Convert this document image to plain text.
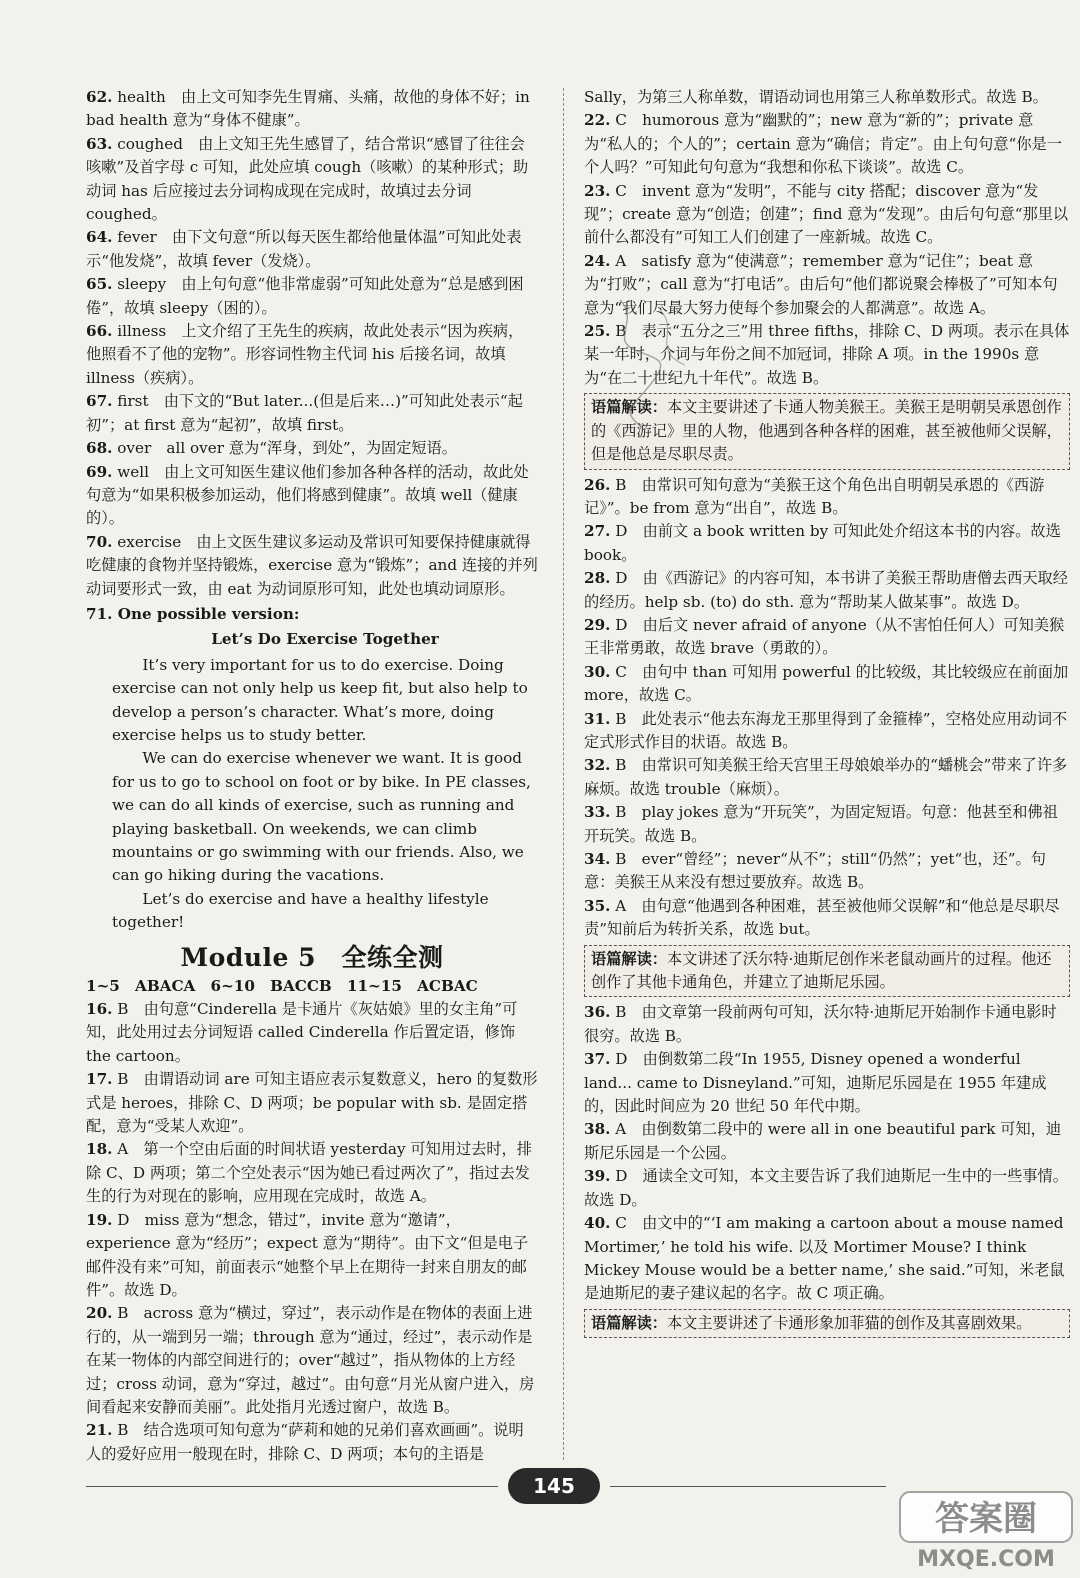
62. health　由上文可知李先生胃痛、头痛，故他的身体不好；in bad health 意为“身体不健康”。

63. coughed　由上文知王先生感冒了，结合常识“感冒了往往会咳嗽”及首字母 c 可知，此处应填 cough（咳嗽）的某种形式；助动词 has 后应接过去分词构成现在完成时，故填过去分词 coughed。

64. fever　由下文句意“所以每天医生都给他量体温”可知此处表示“他发烧”，故填 fever（发烧）。

65. sleepy　由上句句意“他非常虚弱”可知此处意为“总是感到困倦”，故填 sleepy（困的）。

66. illness　上文介绍了王先生的疾病，故此处表示“因为疾病，他照看不了他的宠物”。形容词性物主代词 his 后接名词，故填 illness（疾病）。

67. first　由下文的“But later...(但是后来…)”可知此处表示“起初”；at first 意为“起初”，故填 first。

68. over　all over 意为“浑身，到处”，为固定短语。

69. well　由上文可知医生建议他们参加各种各样的活动，故此处句意为“如果积极参加运动，他们将感到健康”。故填 well（健康的）。

70. exercise　由上文医生建议多运动及常识可知要保持健康就得吃健康的食物并坚持锻炼，exercise 意为“锻炼”；and 连接的并列动词要形式一致，由 eat 为动词原形可知，此处也填动词原形。

71. One possible version:

Let’s Do Exercise Together

It’s very important for us to do exercise. Doing exercise can not only help us keep fit, but also help to develop a person’s character. What’s more, doing exercise helps us to study better.

We can do exercise whenever we want. It is good for us to go to school on foot or by bike. In PE classes, we can do all kinds of exercise, such as running and playing basketball. On weekends, we can climb mountains or go swimming with our friends. Also, we can go hiking during the vacations.

Let’s do exercise and have a healthy lifestyle together!

Module 5　全练全测

1~5　ABACA　6~10　BACCB　11~15　ACBAC

16. B　由句意“Cinderella 是卡通片《灰姑娘》里的女主角”可知，此处用过去分词短语 called Cinderella 作后置定语，修饰 the cartoon。

17. B　由谓语动词 are 可知主语应表示复数意义，hero 的复数形式是 heroes，排除 C、D 两项；be popular with sb. 是固定搭配，意为“受某人欢迎”。

18. A　第一个空由后面的时间状语 yesterday 可知用过去时，排除 C、D 两项；第二个空处表示“因为她已看过两次了”，指过去发生的行为对现在的影响，应用现在完成时，故选 A。

19. D　miss 意为“想念，错过”，invite 意为“邀请”，experience 意为“经历”；expect 意为“期待”。由下文“但是电子邮件没有来”可知，前面表示“她整个早上在期待一封来自朋友的邮件”。故选 D。

20. B　across 意为“横过，穿过”，表示动作是在物体的表面上进行的，从一端到另一端；through 意为“通过，经过”，表示动作是在某一物体的内部空间进行的；over“越过”，指从物体的上方经过；cross 动词，意为“穿过，越过”。由句意“月光从窗户进入，房间看起来安静而美丽”。此处指月光透过窗户，故选 B。

21. B　结合选项可知句意为“萨莉和她的兄弟们喜欢画画”。说明人的爱好应用一般现在时，排除 C、D 两项；本句的主语是

Sally，为第三人称单数，谓语动词也用第三人称单数形式。故选 B。

22. C　humorous 意为“幽默的”；new 意为“新的”；private 意为“私人的；个人的”；certain 意为“确信；肯定”。由上句句意“你是一个人吗？”可知此句句意为“我想和你私下谈谈”。故选 C。

23. C　invent 意为“发明”，不能与 city 搭配；discover 意为“发现”；create 意为“创造；创建”；find 意为“发现”。由后句句意“那里以前什么都没有”可知工人们创建了一座新城。故选 C。

24. A　satisfy 意为“使满意”；remember 意为“记住”；beat 意为“打败”；call 意为“打电话”。由后句“他们都说聚会棒极了”可知本句意为“我们尽最大努力使每个参加聚会的人都满意”。故选 A。

25. B　表示“五分之三”用 three fifths，排除 C、D 两项。表示在具体某一年时，介词与年份之间不加冠词，排除 A 项。in the 1990s 意为“在二十世纪九十年代”。故选 B。

语篇解读：本文主要讲述了卡通人物美猴王。美猴王是明朝吴承恩创作的《西游记》里的人物，他遇到各种各样的困难，甚至被他师父误解，但是他总是尽职尽责。

26. B　由常识可知句意为“美猴王这个角色出自明朝吴承恩的《西游记》”。be from 意为“出自”，故选 B。

27. D　由前文 a book written by 可知此处介绍这本书的内容。故选 book。

28. D　由《西游记》的内容可知，本书讲了美猴王帮助唐僧去西天取经的经历。help sb. (to) do sth. 意为“帮助某人做某事”。故选 D。

29. D　由后文 never afraid of anyone（从不害怕任何人）可知美猴王非常勇敢，故选 brave（勇敢的）。

30. C　由句中 than 可知用 powerful 的比较级，其比较级应在前面加 more，故选 C。

31. B　此处表示“他去东海龙王那里得到了金箍棒”，空格处应用动词不定式形式作目的状语。故选 B。

32. B　由常识可知美猴王给天宫里王母娘娘举办的“蟠桃会”带来了许多麻烦。故选 trouble（麻烦）。

33. B　play jokes 意为“开玩笑”，为固定短语。句意：他甚至和佛祖开玩笑。故选 B。

34. B　ever“曾经”；never“从不”；still“仍然”；yet“也，还”。句意：美猴王从来没有想过要放弃。故选 B。

35. A　由句意“他遇到各种困难，甚至被他师父误解”和“他总是尽职尽责”知前后为转折关系，故选 but。

语篇解读：本文讲述了沃尔特·迪斯尼创作米老鼠动画片的过程。他还创作了其他卡通角色，并建立了迪斯尼乐园。

36. B　由文章第一段前两句可知，沃尔特·迪斯尼开始制作卡通电影时很穷。故选 B。

37. D　由倒数第二段“In 1955, Disney opened a wonderful land... came to Disneyland.”可知，迪斯尼乐园是在 1955 年建成的，因此时间应为 20 世纪 50 年代中期。

38. A　由倒数第二段中的 were all in one beautiful park 可知，迪斯尼乐园是一个公园。

39. D　通读全文可知，本文主要告诉了我们迪斯尼一生中的一些事情。故选 D。

40. C　由文中的“‘I am making a cartoon about a mouse named Mortimer,’ he told his wife. 以及 Mortimer Mouse? I think Mickey Mouse would be a better name,’ she said.”可知，米老鼠是迪斯尼的妻子建议起的名字。故 C 项正确。

语篇解读：本文主要讲述了卡通形象加菲猫的创作及其喜剧效果。
145
答案圈
MXQE.COM
